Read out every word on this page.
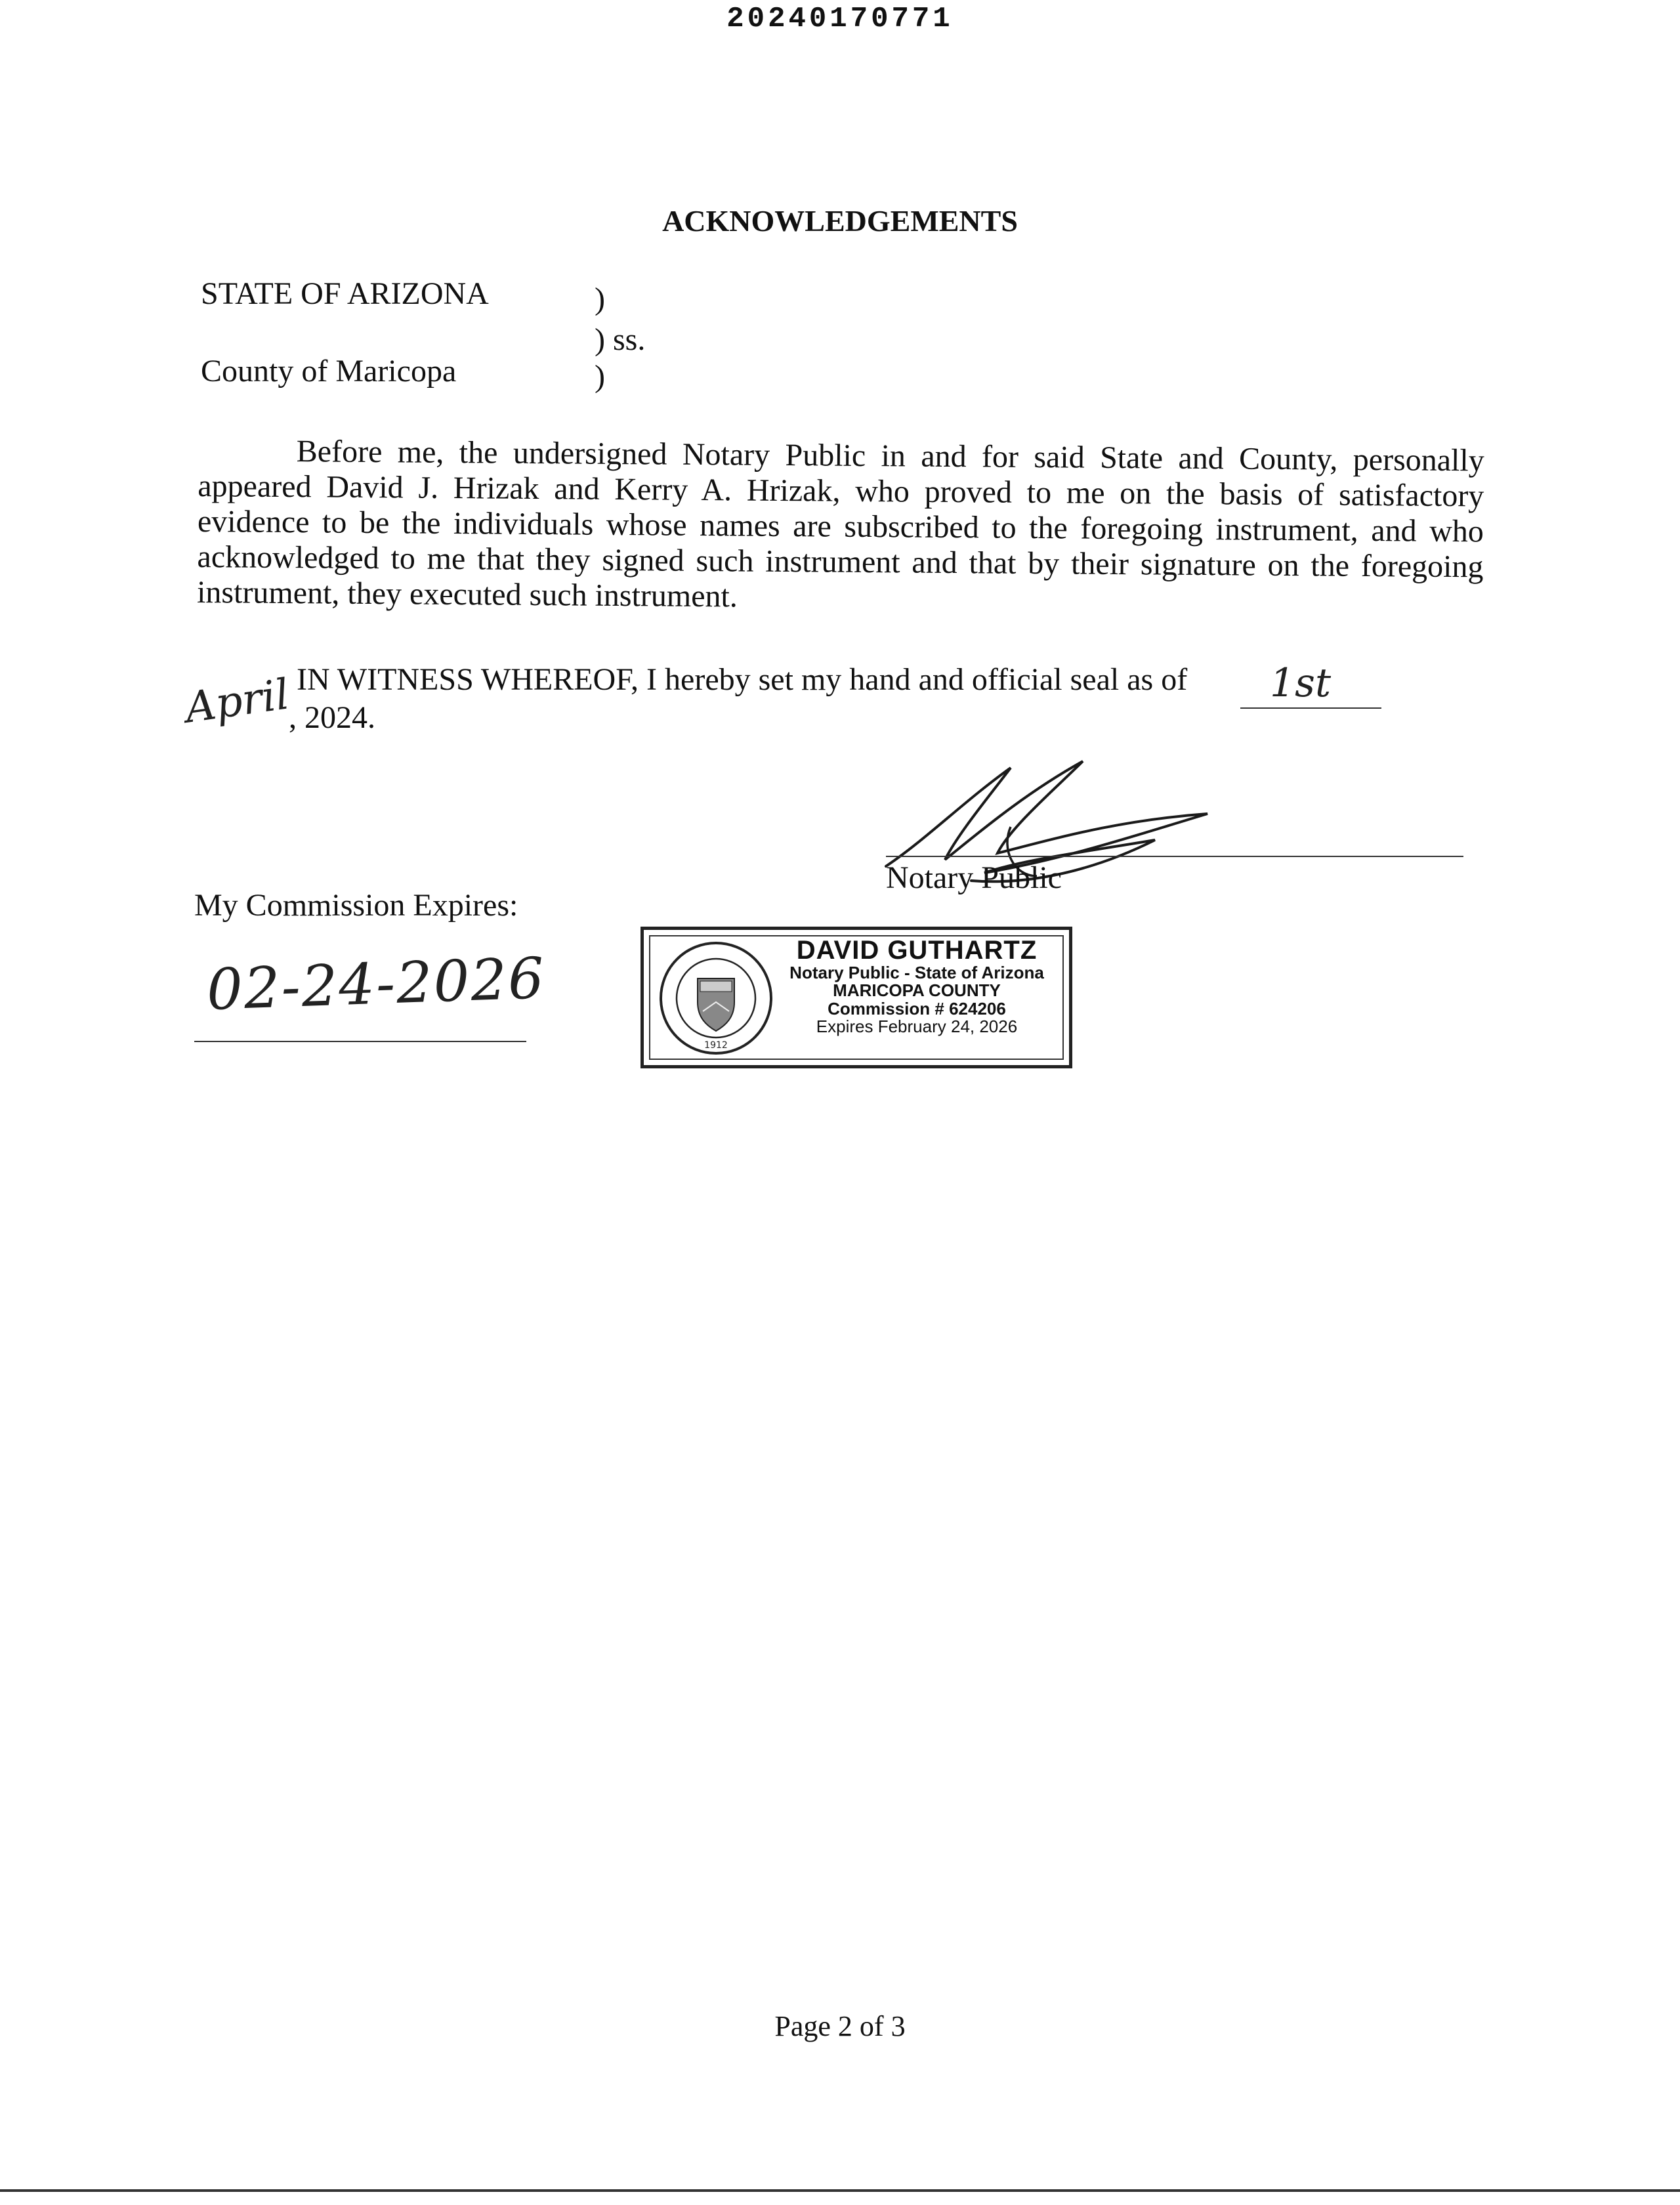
20240170771
ACKNOWLEDGEMENTS
STATE OF ARIZONA	)
) ss.
County of Maricopa	)
Before me, the undersigned Notary Public in and for said State and County, personally appeared David J. Hrizak and Kerry A. Hrizak, who proved to me on the basis of satisfactory evidence to be the individuals whose names are subscribed to the foregoing instrument, and who acknowledged to me that they signed such instrument and that by their signature on the foregoing instrument, they executed such instrument.
IN WITNESS WHEREOF, I hereby set my hand and official seal as of 1st
April
, 2024.
Notary Public
My Commission Expires:
02-24-2026
1912
DAVID GUTHARTZ
Notary Public - State of Arizona
MARICOPA COUNTY
Commission # 624206
Expires February 24, 2026
Page 2 of 3
